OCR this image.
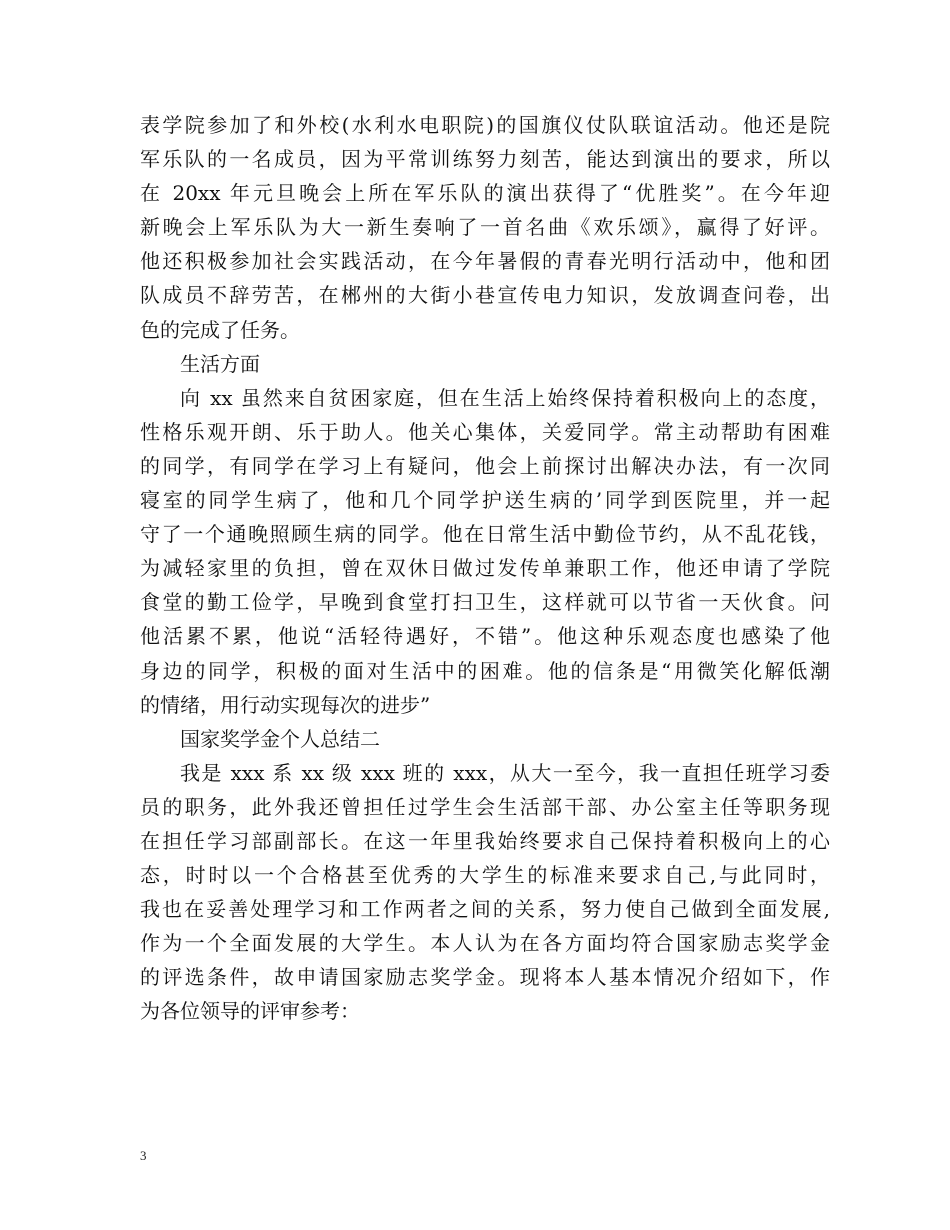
表学院参加了和外校(水利水电职院)的国旗仪仗队联谊活动。他还是院
军乐队的一名成员，因为平常训练努力刻苦，能达到演出的要求，所以
在 20xx 年元旦晚会上所在军乐队的演出获得了“优胜奖”。在今年迎
新晚会上军乐队为大一新生奏响了一首名曲《欢乐颂》，赢得了好评。
他还积极参加社会实践活动，在今年暑假的青春光明行活动中，他和团
队成员不辞劳苦，在郴州的大街小巷宣传电力知识，发放调查问卷，出
色的完成了任务。
生活方面
向 xx 虽然来自贫困家庭，但在生活上始终保持着积极向上的态度，
性格乐观开朗、乐于助人。他关心集体，关爱同学。常主动帮助有困难
的同学，有同学在学习上有疑问，他会上前探讨出解决办法，有一次同
寝室的同学生病了，他和几个同学护送生病的’同学到医院里，并一起
守了一个通晚照顾生病的同学。他在日常生活中勤俭节约，从不乱花钱，
为减轻家里的负担，曾在双休日做过发传单兼职工作，他还申请了学院
食堂的勤工俭学，早晚到食堂打扫卫生，这样就可以节省一天伙食。问
他活累不累，他说“活轻待遇好，不错”。他这种乐观态度也感染了他
身边的同学，积极的面对生活中的困难。他的信条是“用微笑化解低潮
的情绪，用行动实现每次的进步”
国家奖学金个人总结二
我是 xxx 系 xx 级 xxx 班的 xxx，从大一至今，我一直担任班学习委
员的职务，此外我还曾担任过学生会生活部干部、办公室主任等职务现
在担任学习部副部长。在这一年里我始终要求自己保持着积极向上的心
态，时时以一个合格甚至优秀的大学生的标准来要求自己,与此同时，
我也在妥善处理学习和工作两者之间的关系，努力使自己做到全面发展,
作为一个全面发展的大学生。本人认为在各方面均符合国家励志奖学金
的评选条件，故申请国家励志奖学金。现将本人基本情况介绍如下，作
为各位领导的评审参考：
3
